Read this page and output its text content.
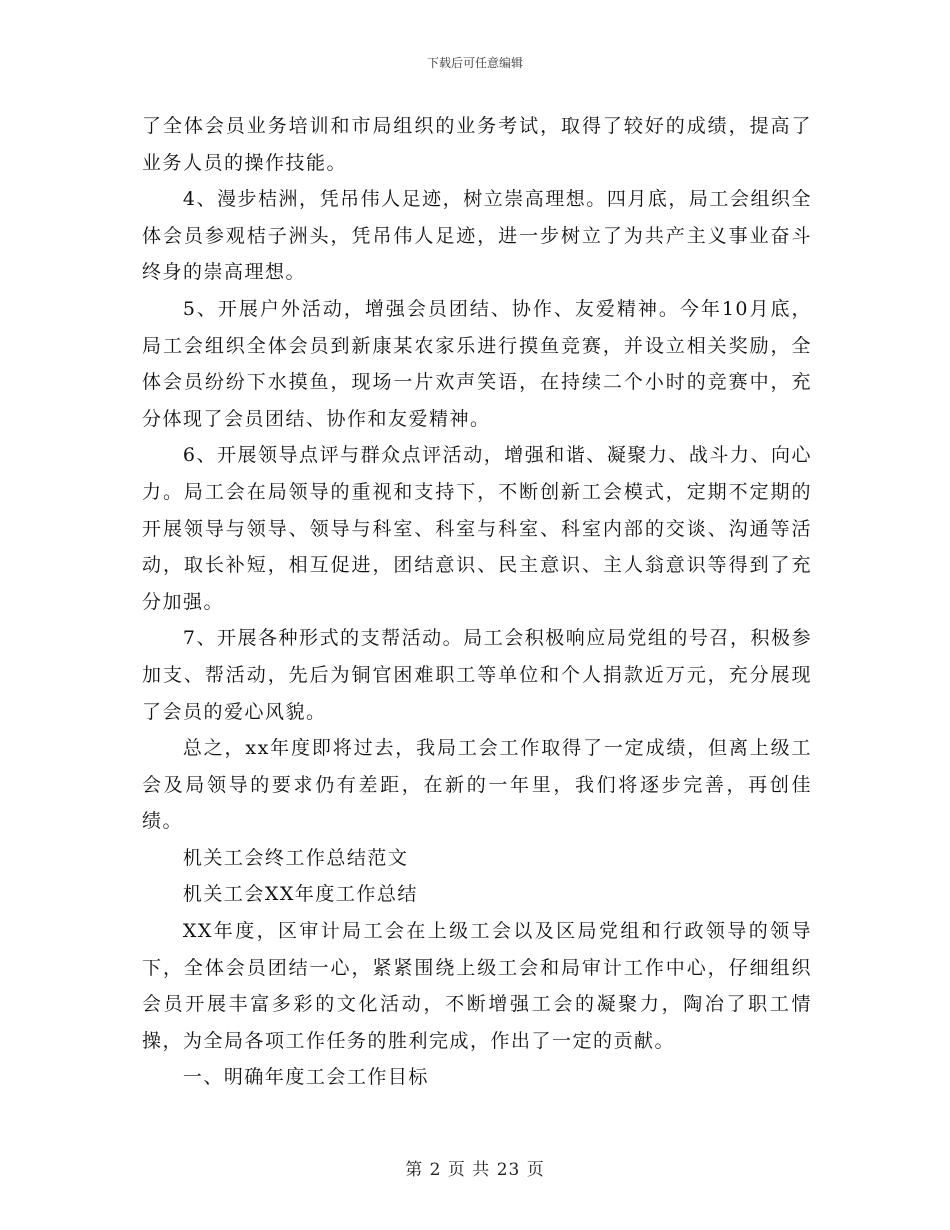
下载后可任意编辑

了全体会员业务培训和市局组织的业务考试，取得了较好的成绩，提高了业务人员的操作技能。

4、漫步桔洲，凭吊伟人足迹，树立崇高理想。四月底，局工会组织全体会员参观桔子洲头，凭吊伟人足迹，进一步树立了为共产主义事业奋斗终身的崇高理想。

5、开展户外活动，增强会员团结、协作、友爱精神。今年10月底，局工会组织全体会员到新康某农家乐进行摸鱼竞赛，并设立相关奖励，全体会员纷纷下水摸鱼，现场一片欢声笑语，在持续二个小时的竞赛中，充分体现了会员团结、协作和友爱精神。

6、开展领导点评与群众点评活动，增强和谐、凝聚力、战斗力、向心力。局工会在局领导的重视和支持下，不断创新工会模式，定期不定期的开展领导与领导、领导与科室、科室与科室、科室内部的交谈、沟通等活动，取长补短，相互促进，团结意识、民主意识、主人翁意识等得到了充分加强。

7、开展各种形式的支帮活动。局工会积极响应局党组的号召，积极参加支、帮活动，先后为铜官困难职工等单位和个人捐款近万元，充分展现了会员的爱心风貌。

总之，xx年度即将过去，我局工会工作取得了一定成绩，但离上级工会及局领导的要求仍有差距，在新的一年里，我们将逐步完善，再创佳绩。

机关工会终工作总结范文

机关工会XX年度工作总结

XX年度，区审计局工会在上级工会以及区局党组和行政领导的领导下，全体会员团结一心，紧紧围绕上级工会和局审计工作中心，仔细组织会员开展丰富多彩的文化活动，不断增强工会的凝聚力，陶冶了职工情操，为全局各项工作任务的胜利完成，作出了一定的贡献。

一、明确年度工会工作目标

第 2 页 共 23 页
